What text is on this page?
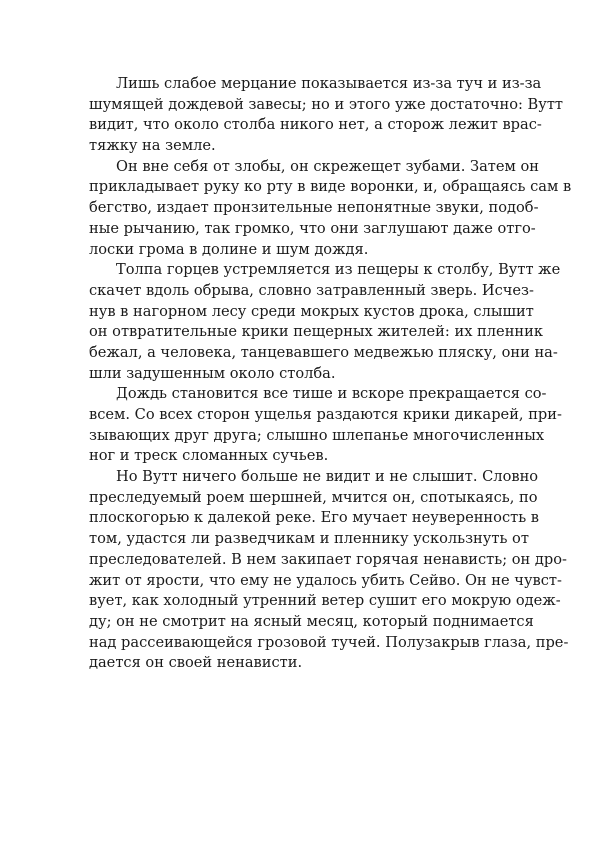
Лишь слабое мерцание показывается из-за туч и из-за
шумящей дождевой завесы; но и этого уже достаточно: Вутт
видит, что около столба никого нет, а сторож лежит врас-
тяжку на земле.
Он вне себя от злобы, он скрежещет зубами. Затем он
прикладывает руку ко рту в виде воронки, и, обращаясь сам в
бегство, издает пронзительные непонятные звуки, подоб-
ные рычанию, так громко, что они заглушают даже отго-
лоски грома в долине и шум дождя.
Толпа горцев устремляется из пещеры к столбу, Вутт же
скачет вдоль обрыва, словно затравленный зверь. Исчез-
нув в нагорном лесу среди мокрых кустов дрока, слышит
он отвратительные крики пещерных жителей: их пленник
бежал, а человека, танцевавшего медвежью пляску, они на-
шли задушенным около столба.
Дождь становится все тише и вскоре прекращается со-
всем. Со всех сторон ущелья раздаются крики дикарей, при-
зывающих друг друга; слышно шлепанье многочисленных
ног и треск сломанных сучьев.
Но Вутт ничего больше не видит и не слышит. Словно
преследуемый роем шершней, мчится он, спотыкаясь, по
плоскогорью к далекой реке. Его мучает неуверенность в
том, удастся ли разведчикам и пленнику ускользнуть от
преследователей. В нем закипает горячая ненависть; он дро-
жит от ярости, что ему не удалось убить Сейво. Он не чувст-
вует, как холодный утренний ветер сушит его мокрую одеж-
ду; он не смотрит на ясный месяц, который поднимается
над рассеивающейся грозовой тучей. Полузакрыв глаза, пре-
дается он своей ненависти.
